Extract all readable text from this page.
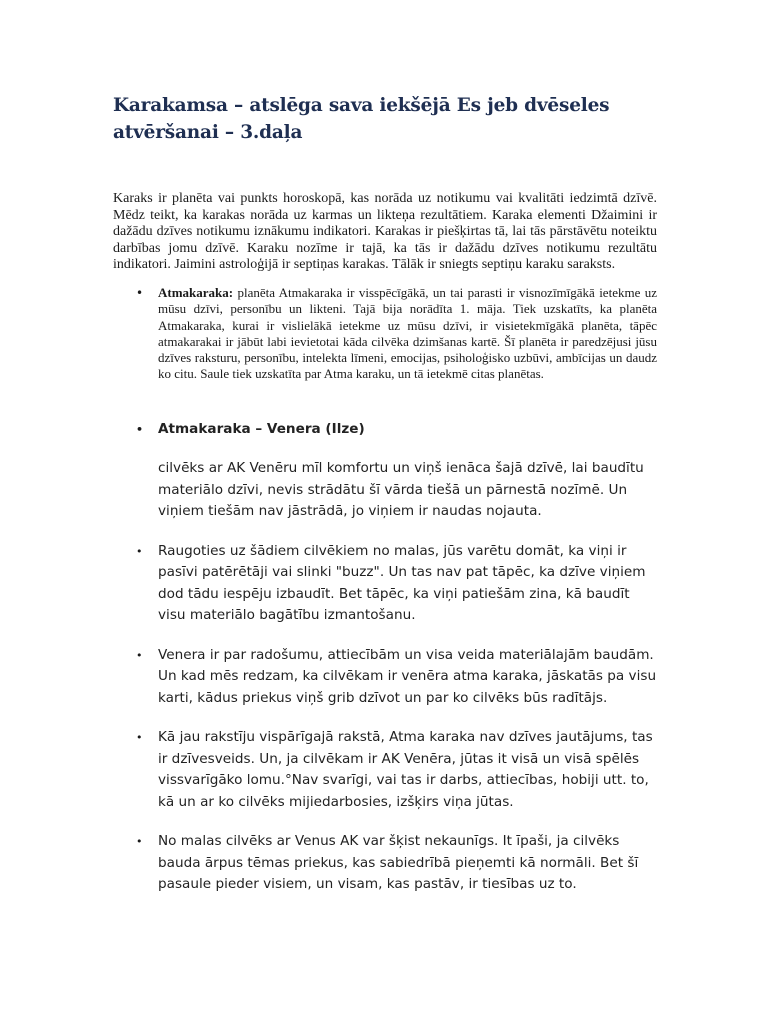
Karakamsa – atslēga sava iekšējā Es jeb dvēseles atvēršanai – 3.daļa

Karaks ir planēta vai punkts horoskopā, kas norāda uz notikumu vai kvalitāti iedzimtā dzīvē. Mēdz teikt, ka karakas norāda uz karmas un likteņa rezultātiem. Karaka elementi Džaimini ir dažādu dzīves notikumu iznākumu indikatori. Karakas ir piešķirtas tā, lai tās pārstāvētu noteiktu darbības jomu dzīvē. Karaku nozīme ir tajā, ka tās ir dažādu dzīves notikumu rezultātu indikatori. Jaimini astroloģijā ir septiņas karakas. Tālāk ir sniegts septiņu karaku saraksts.

• Atmakaraka: planēta Atmakaraka ir visspēcīgākā, un tai parasti ir visnozīmīgākā ietekme uz mūsu dzīvi, personību un likteni. Tajā bija norādīta 1. māja. Tiek uzskatīts, ka planēta Atmakaraka, kurai ir vislielākā ietekme uz mūsu dzīvi, ir visietekmīgākā planēta, tāpēc atmakarakai ir jābūt labi ievietotai kāda cilvēka dzimšanas kartē. Šī planēta ir paredzējusi jūsu dzīves raksturu, personību, intelekta līmeni, emocijas, psiholoģisko uzbūvi, ambīcijas un daudz ko citu. Saule tiek uzskatīta par Atma karaku, un tā ietekmē citas planētas.
• Atmakaraka – Venera (Ilze)

cilvēks ar AK Venēru mīl komfortu un viņš ienāca šajā dzīvē, lai baudītu materiālo dzīvi, nevis strādātu šī vārda tiešā un pārnestā nozīmē. Un viņiem tiešām nav jāstrādā, jo viņiem ir naudas nojauta.

• Raugoties uz šādiem cilvēkiem no malas, jūs varētu domāt, ka viņi ir pasīvi patērētāji vai slinki "buzz". Un tas nav pat tāpēc, ka dzīve viņiem dod tādu iespēju izbaudīt. Bet tāpēc, ka viņi patiešām zina, kā baudīt visu materiālo bagātību izmantošanu.
• Venera ir par radošumu, attiecībām un visa veida materiālajām baudām. Un kad mēs redzam, ka cilvēkam ir venēra atma karaka, jāskatās pa visu karti, kādus priekus viņš grib dzīvot un par ko cilvēks būs radītājs.
• Kā jau rakstīju vispārīgajā rakstā, Atma karaka nav dzīves jautājums, tas ir dzīvesveids. Un, ja cilvēkam ir AK Venēra, jūtas it visā un visā spēlēs vissvarīgāko lomu.°Nav svarīgi, vai tas ir darbs, attiecības, hobiji utt. to, kā un ar ko cilvēks mijiedarbosies, izšķirs viņa jūtas.
• No malas cilvēks ar Venus AK var šķist nekaunīgs. It īpaši, ja cilvēks bauda ārpus tēmas priekus, kas sabiedrībā pieņemti kā normāli. Bet šī pasaule pieder visiem, un visam, kas pastāv, ir tiesības uz to.
